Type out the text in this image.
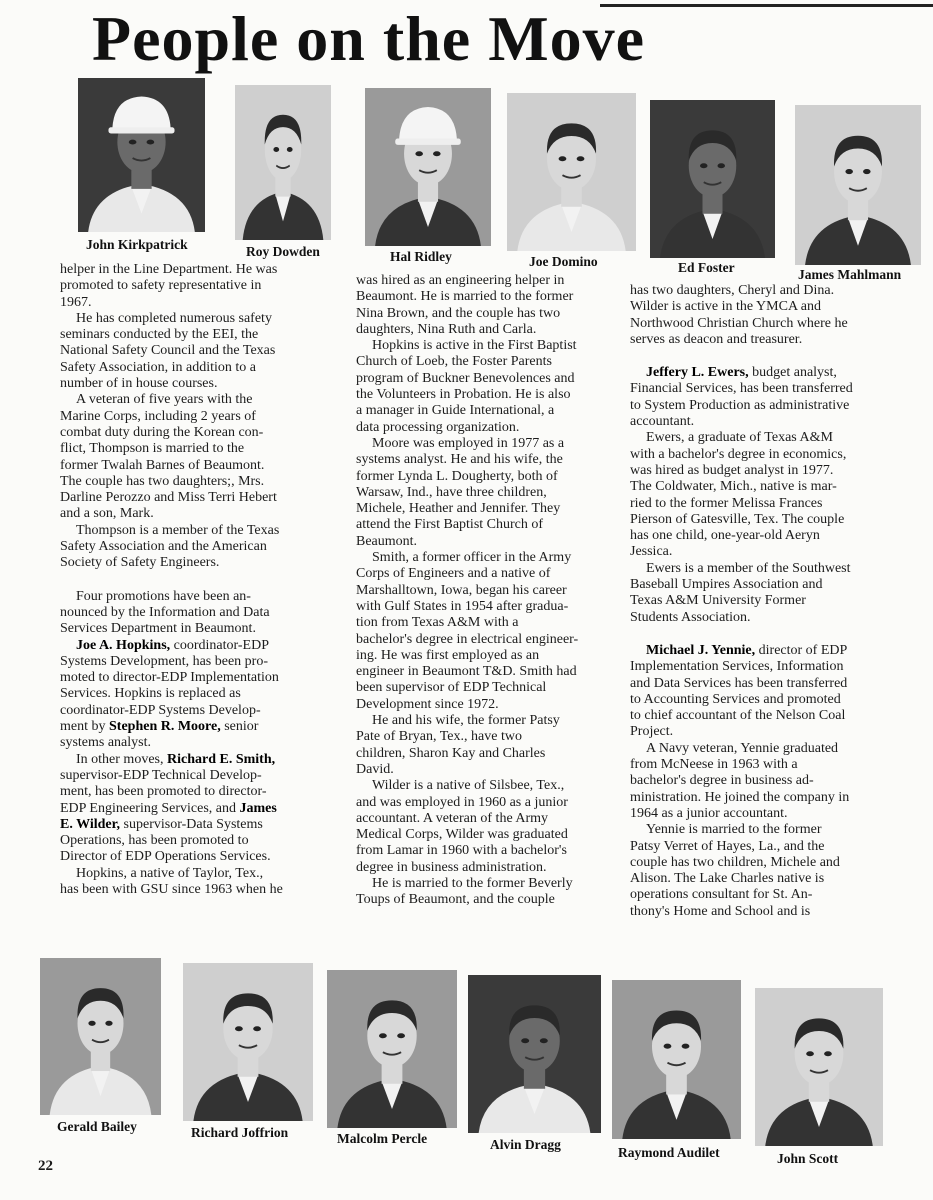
People on the Move
John Kirkpatrick	Roy Dowden	Hal Ridley	Joe Domino	Ed Foster	James Mahlmann

helper in the Line Department. He was
promoted to safety representative in
1967.

He has completed numerous safety
seminars conducted by the EEI, the
National Safety Council and the Texas
Safety Association, in addition to a
number of in house courses.

A veteran of five years with the
Marine Corps, including 2 years of
combat duty during the Korean con-
flict, Thompson is married to the
former Twalah Barnes of Beaumont.
The couple has two daughters;, Mrs.
Darline Perozzo and Miss Terri Hebert
and a son, Mark.

Thompson is a member of the Texas
Safety Association and the American
Society of Safety Engineers.

Four promotions have been an-
nounced by the Information and Data
Services Department in Beaumont.

Joe A. Hopkins, coordinator-EDP
Systems Development, has been pro-
moted to director-EDP Implementation
Services. Hopkins is replaced as
coordinator-EDP Systems Develop-
ment by Stephen R. Moore, senior
systems analyst.

In other moves, Richard E. Smith,
supervisor-EDP Technical Develop-
ment, has been promoted to director-
EDP Engineering Services, and James
E. Wilder, supervisor-Data Systems
Operations, has been promoted to
Director of EDP Operations Services.

Hopkins, a native of Taylor, Tex.,
has been with GSU since 1963 when he

was hired as an engineering helper in
Beaumont. He is married to the former
Nina Brown, and the couple has two
daughters, Nina Ruth and Carla.

Hopkins is active in the First Baptist
Church of Loeb, the Foster Parents
program of Buckner Benevolences and
the Volunteers in Probation. He is also
a manager in Guide International, a
data processing organization.

Moore was employed in 1977 as a
systems analyst. He and his wife, the
former Lynda L. Dougherty, both of
Warsaw, Ind., have three children,
Michele, Heather and Jennifer. They
attend the First Baptist Church of
Beaumont.

Smith, a former officer in the Army
Corps of Engineers and a native of
Marshalltown, Iowa, began his career
with Gulf States in 1954 after gradua-
tion from Texas A&M with a
bachelor's degree in electrical engineer-
ing. He was first employed as an
engineer in Beaumont T&D. Smith had
been supervisor of EDP Technical
Development since 1972.

He and his wife, the former Patsy
Pate of Bryan, Tex., have two
children, Sharon Kay and Charles
David.

Wilder is a native of Silsbee, Tex.,
and was employed in 1960 as a junior
accountant. A veteran of the Army
Medical Corps, Wilder was graduated
from Lamar in 1960 with a bachelor's
degree in business administration.

He is married to the former Beverly
Toups of Beaumont, and the couple

has two daughters, Cheryl and Dina.
Wilder is active in the YMCA and
Northwood Christian Church where he
serves as deacon and treasurer.

Jeffery L. Ewers, budget analyst,
Financial Services, has been transferred
to System Production as administrative
accountant.

Ewers, a graduate of Texas A&M
with a bachelor's degree in economics,
was hired as budget analyst in 1977.
The Coldwater, Mich., native is mar-
ried to the former Melissa Frances
Pierson of Gatesville, Tex. The couple
has one child, one-year-old Aeryn
Jessica.

Ewers is a member of the Southwest
Baseball Umpires Association and
Texas A&M University Former
Students Association.

Michael J. Yennie, director of EDP
Implementation Services, Information
and Data Services has been transferred
to Accounting Services and promoted
to chief accountant of the Nelson Coal
Project.

A Navy veteran, Yennie graduated
from McNeese in 1963 with a
bachelor's degree in business ad-
ministration. He joined the company in
1964 as a junior accountant.

Yennie is married to the former
Patsy Verret of Hayes, La., and the
couple has two children, Michele and
Alison. The Lake Charles native is
operations consultant for St. An-
thony's Home and School and is

Gerald Bailey	Richard Joffrion	Malcolm Percle	Alvin Dragg
Raymond Audilet	John Scott
22
